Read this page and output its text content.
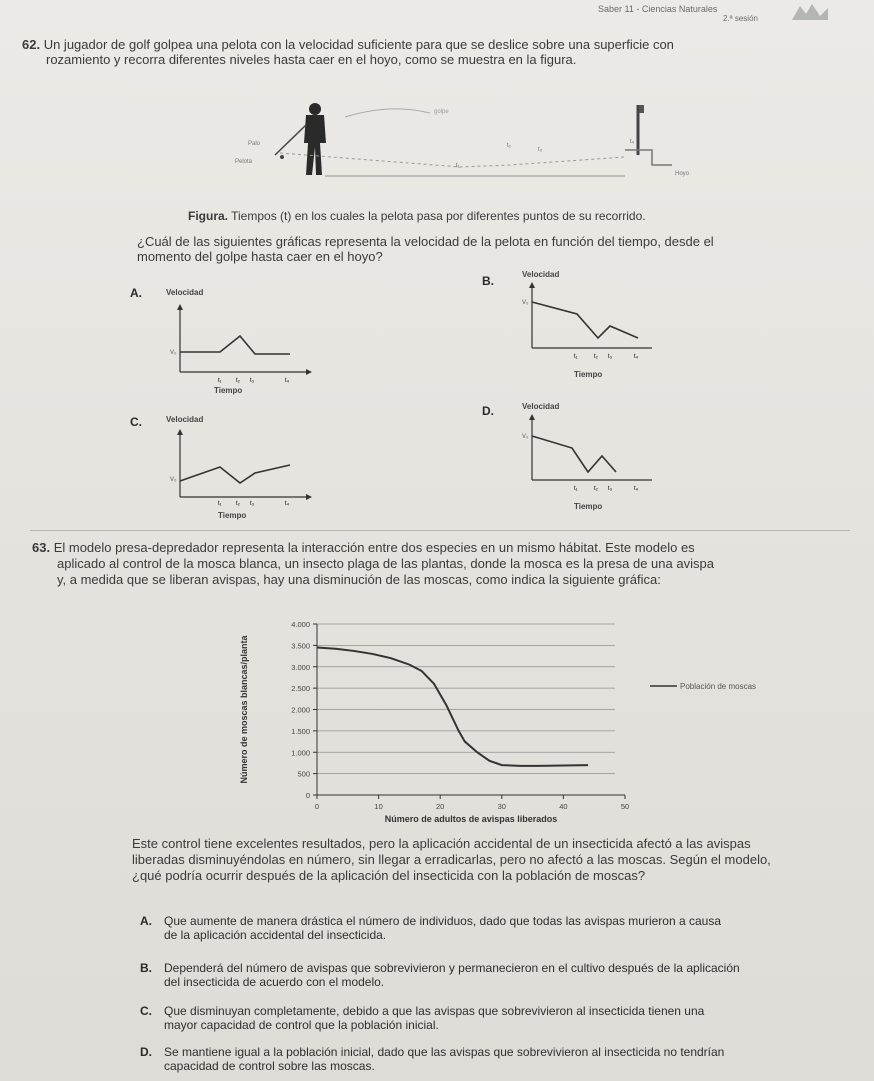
Saber 11 - Ciencias Naturales
2.ª sesión
62. Un jugador de golf golpea una pelota con la velocidad suficiente para que se deslice sobre una superficie con
rozamiento y recorra diferentes niveles hasta caer en el hoyo, como se muestra en la figura.
Palo
Pelota
golpe
Hoyo
t₁
t₂
t₃
t₄
Figura. Tiempos (t) en los cuales la pelota pasa por diferentes puntos de su recorrido.
¿Cuál de las siguientes gráficas representa la velocidad de la pelota en función del tiempo, desde el
momento del golpe hasta caer en el hoyo?
A.	Velocidad
V₀
t₁ t₂ t₃	t₄
Tiempo
B.	Velocidad
V₀
t₁	t₂ t₃	t₄
Tiempo
C.	Velocidad
V₀
t₁ t₂ t₃	t₄
Tiempo
D.	Velocidad
V₀
t₁	t₂ t₃	t₄
Tiempo
63. El modelo presa-depredador representa la interacción entre dos especies en un mismo hábitat. Este modelo es
aplicado al control de la mosca blanca, un insecto plaga de las plantas, donde la mosca es la presa de una avispa
y, a medida que se liberan avispas, hay una disminución de las moscas, como indica la siguiente gráfica:
0
500
1.000
1.500
2.000
2.500
3.000
3.500
4.000
0	10	20	30	40	50
Población de moscas
Número de adultos de avispas liberados
Número de moscas blancas/planta
Este control tiene excelentes resultados, pero la aplicación accidental de un insecticida afectó a las avispas
liberadas disminuyéndolas en número, sin llegar a erradicarlas, pero no afectó a las moscas. Según el modelo,
¿qué podría ocurrir después de la aplicación del insecticida con la población de moscas?
A. Que aumente de manera drástica el número de individuos, dado que todas las avispas murieron a causa
de la aplicación accidental del insecticida.
B. Dependerá del número de avispas que sobrevivieron y permanecieron en el cultivo después de la aplicación
del insecticida de acuerdo con el modelo.
C. Que disminuyan completamente, debido a que las avispas que sobrevivieron al insecticida tienen una
mayor capacidad de control que la población inicial.
D. Se mantiene igual a la población inicial, dado que las avispas que sobrevivieron al insecticida no tendrían
capacidad de control sobre las moscas.
